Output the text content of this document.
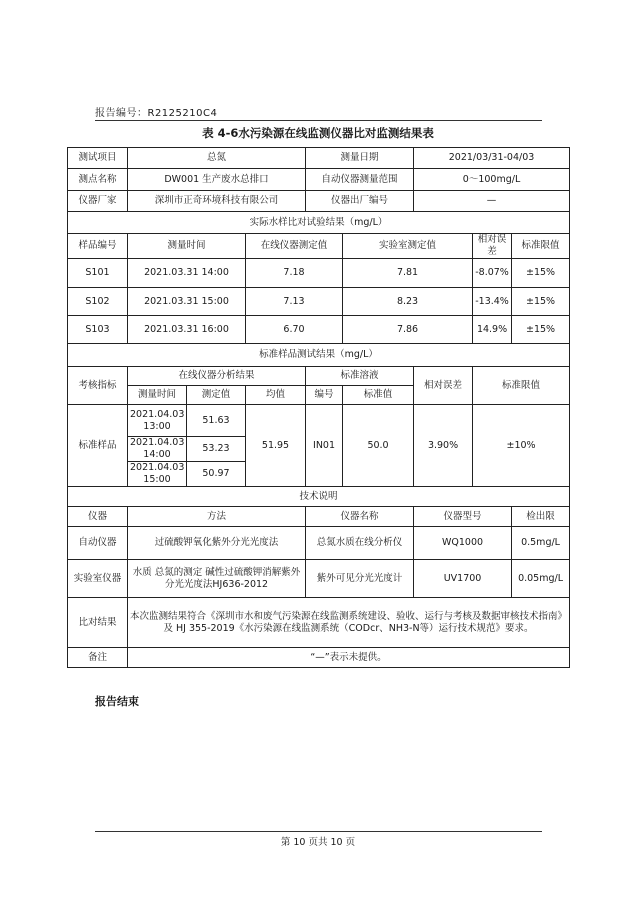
报告编号：R2125210C4
表 4-6水污染源在线监测仪器比对监测结果表
测试项目	总氮			测量日期		2021/03/31-04/03		
测点名称	DW001 生产废水总排口			自动仪器测量范围		0～100mg/L		
仪器厂家	深圳市正奇环境科技有限公司			仪器出厂编号		—		
实际水样比对试验结果（mg/L）								
样品编号	测量时间		在线仪器测定值		实验室测定值		相对误差	标准限值
S101	2021.03.31 14:00		7.18		7.81		-8.07%	±15%
S102	2021.03.31 15:00		7.13		8.23		-13.4%	±15%
S103	2021.03.31 16:00		6.70		7.86		14.9%	±15%
标准样品测试结果（mg/L）								
考核指标	在线仪器分析结果			标准溶液		相对误差	标准限值	
	测量时间	测定值	均值	编号	标准值			
标准样品	2021.04.03 13:00	51.63	51.95	IN01	50.0	3.90%	±10%	
	2021.04.03 14:00	53.23						
	2021.04.03 15:00	50.97						
技术说明								
仪器	方法			仪器名称		仪器型号		检出限
自动仪器	过硫酸钾氧化紫外分光光度法			总氮水质在线分析仪		WQ1000		0.5mg/L
实验室仪器	水质 总氮的测定 碱性过硫酸钾消解紫外分光光度法HJ636-2012			紫外可见分光光度计		UV1700		0.05mg/L
比对结果	本次监测结果符合《深圳市水和废气污染源在线监测系统建设、验收、运行与考核及数据审核技术指南》及 HJ 355-2019《水污染源在线监测系统（CODcr、NH3-N等）运行技术规范》要求。							
备注	“—”表示未提供。							
报告结束
第 10 页共 10 页
